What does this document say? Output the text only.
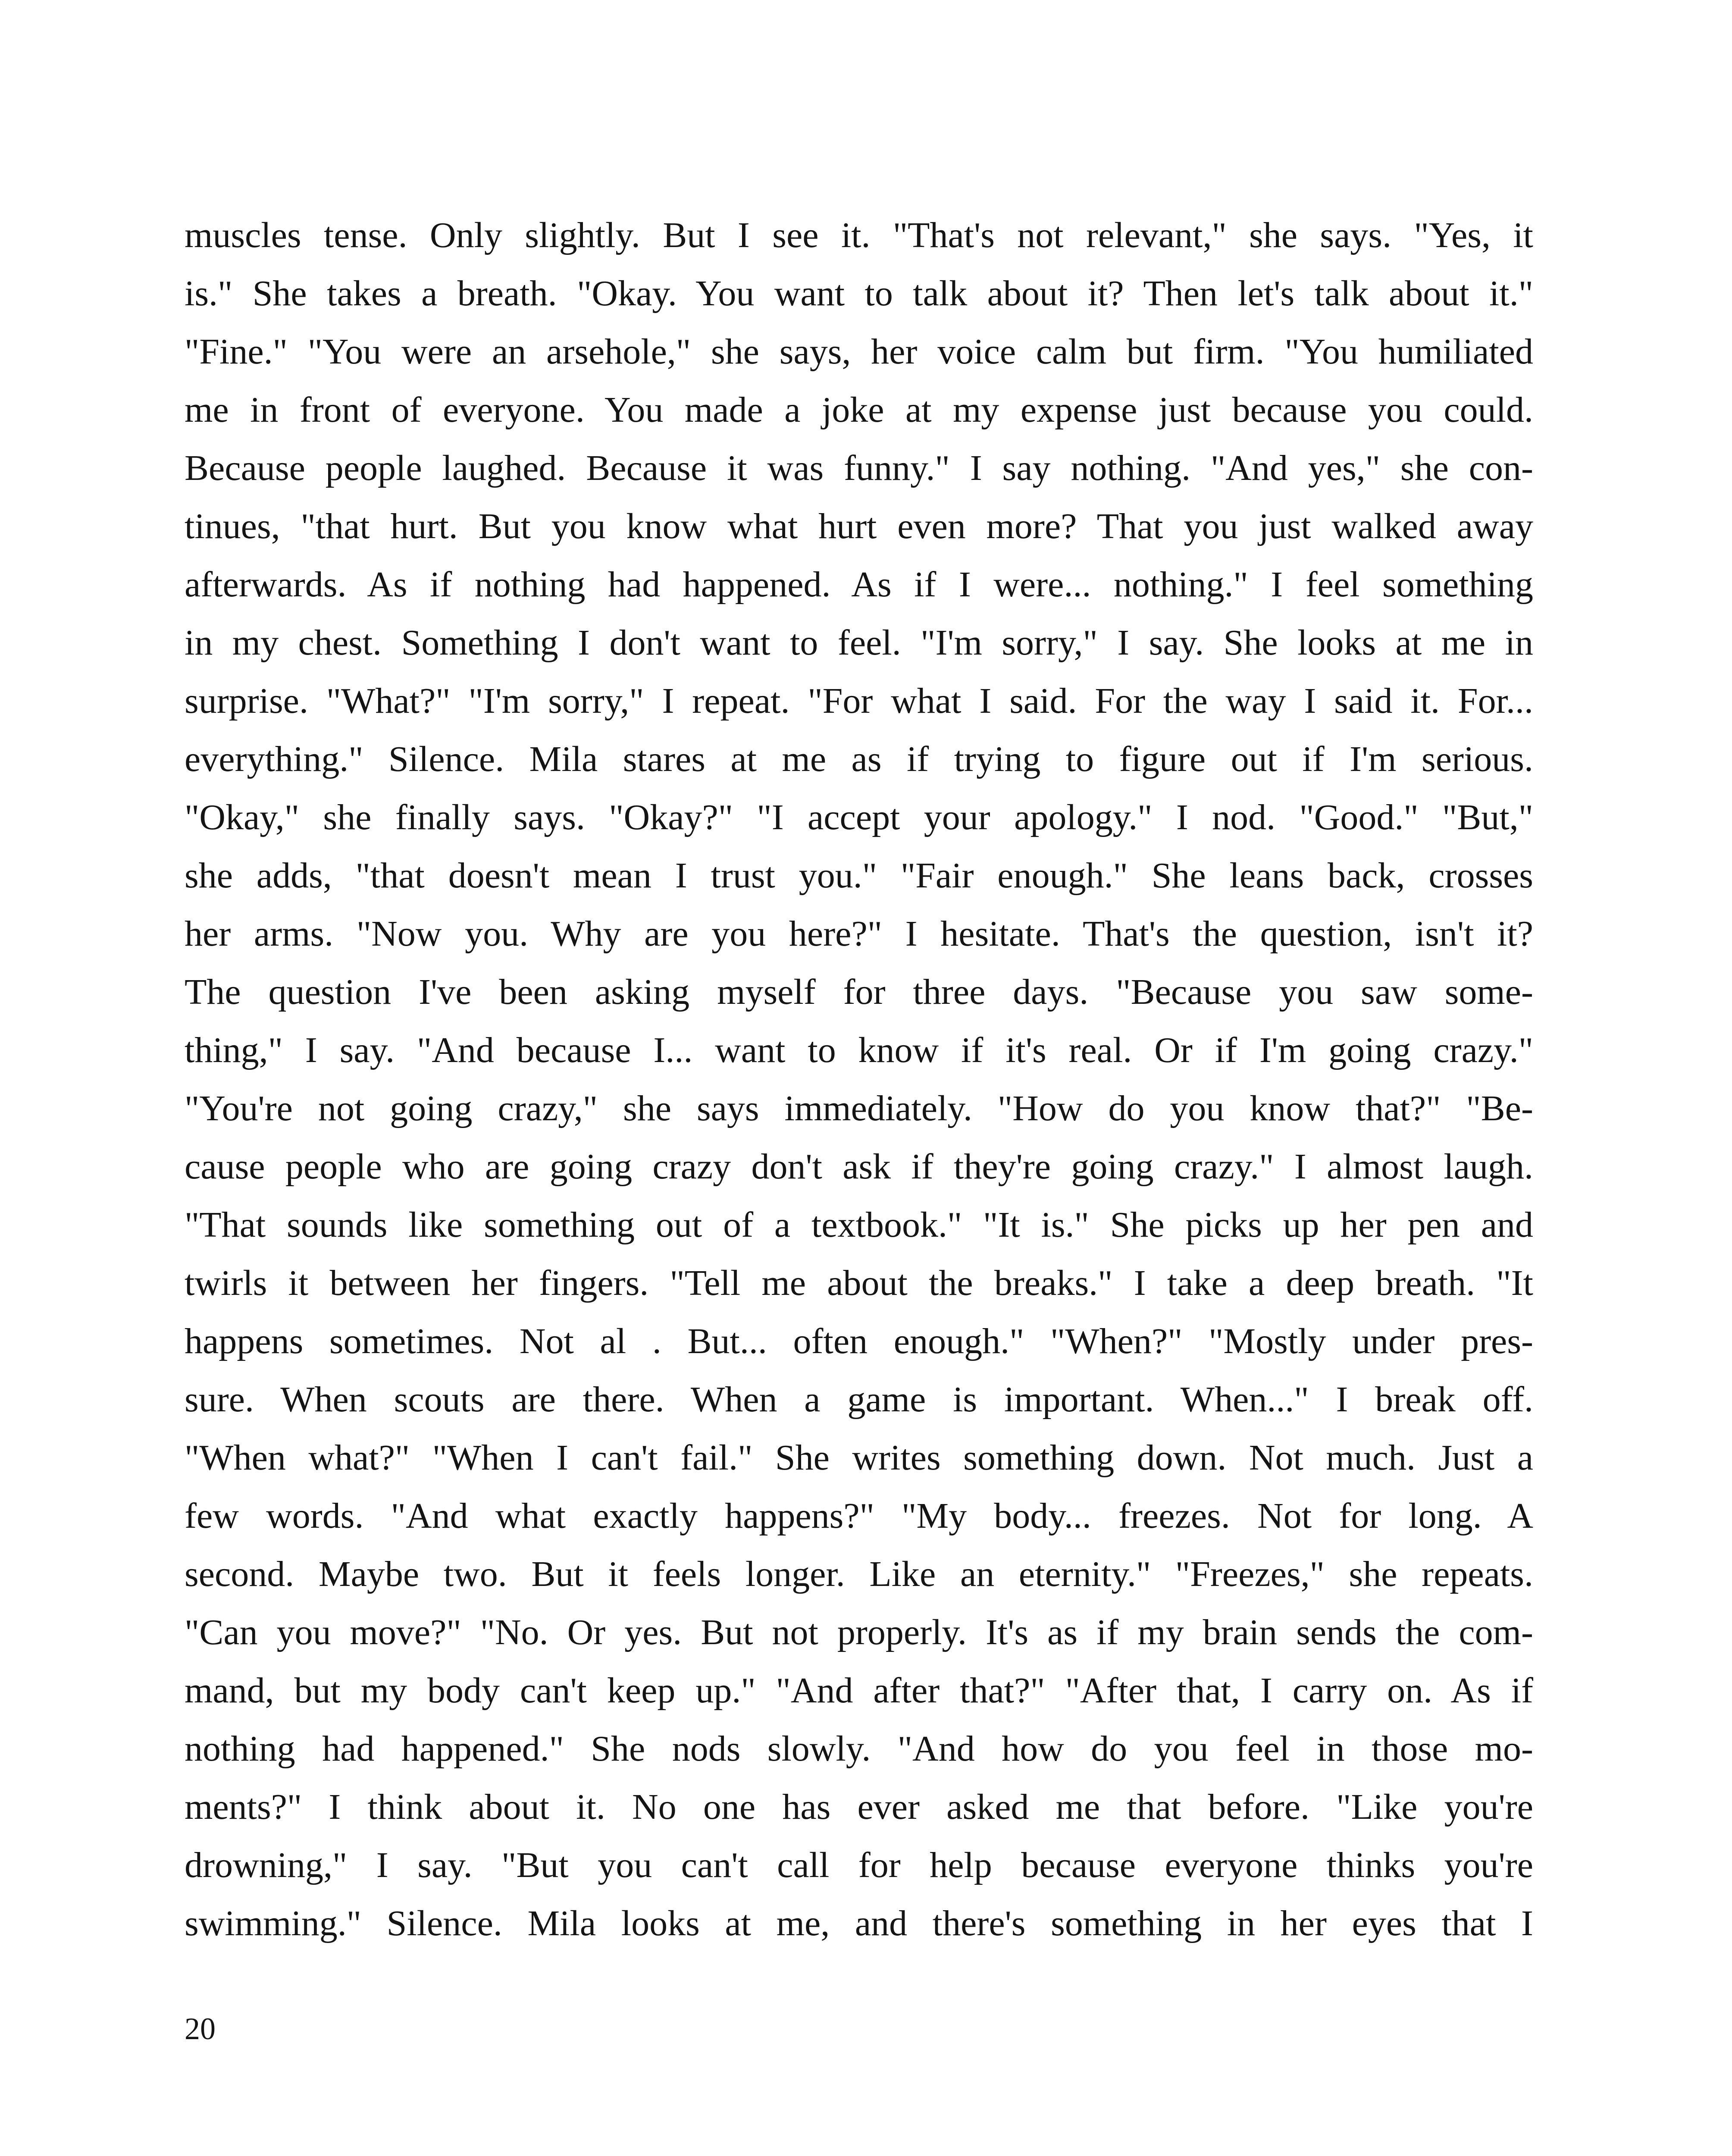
muscles tense. Only slightly. But I see it. "That's not relevant," she says. "Yes, it
is." She takes a breath. "Okay. You want to talk about it? Then let's talk about it."
"Fine." "You were an arsehole," she says, her voice calm but firm. "You humiliated
me in front of everyone. You made a joke at my expense just because you could.
Because people laughed. Because it was funny." I say nothing. "And yes," she con-
tinues, "that hurt. But you know what hurt even more? That you just walked away
afterwards. As if nothing had happened. As if I were... nothing." I feel something
in my chest. Something I don't want to feel. "I'm sorry," I say. She looks at me in
surprise. "What?" "I'm sorry," I repeat. "For what I said. For the way I said it. For...
everything." Silence. Mila stares at me as if trying to figure out if I'm serious.
"Okay," she finally says. "Okay?" "I accept your apology." I nod. "Good." "But,"
she adds, "that doesn't mean I trust you." "Fair enough." She leans back, crosses
her arms. "Now you. Why are you here?" I hesitate. That's the question, isn't it?
The question I've been asking myself for three days. "Because you saw some-
thing," I say. "And because I... want to know if it's real. Or if I'm going crazy."
"You're not going crazy," she says immediately. "How do you know that?" "Be-
cause people who are going crazy don't ask if they're going crazy." I almost laugh.
"That sounds like something out of a textbook." "It is." She picks up her pen and
twirls it between her fingers. "Tell me about the breaks." I take a deep breath. "It
happens sometimes. Not al . But... often enough." "When?" "Mostly under pres-
sure. When scouts are there. When a game is important. When..." I break off.
"When what?" "When I can't fail." She writes something down. Not much. Just a
few words. "And what exactly happens?" "My body... freezes. Not for long. A
second. Maybe two. But it feels longer. Like an eternity." "Freezes," she repeats.
"Can you move?" "No. Or yes. But not properly. It's as if my brain sends the com-
mand, but my body can't keep up." "And after that?" "After that, I carry on. As if
nothing had happened." She nods slowly. "And how do you feel in those mo-
ments?" I think about it. No one has ever asked me that before. "Like you're
drowning," I say. "But you can't call for help because everyone thinks you're
swimming." Silence. Mila looks at me, and there's something in her eyes that I
20
